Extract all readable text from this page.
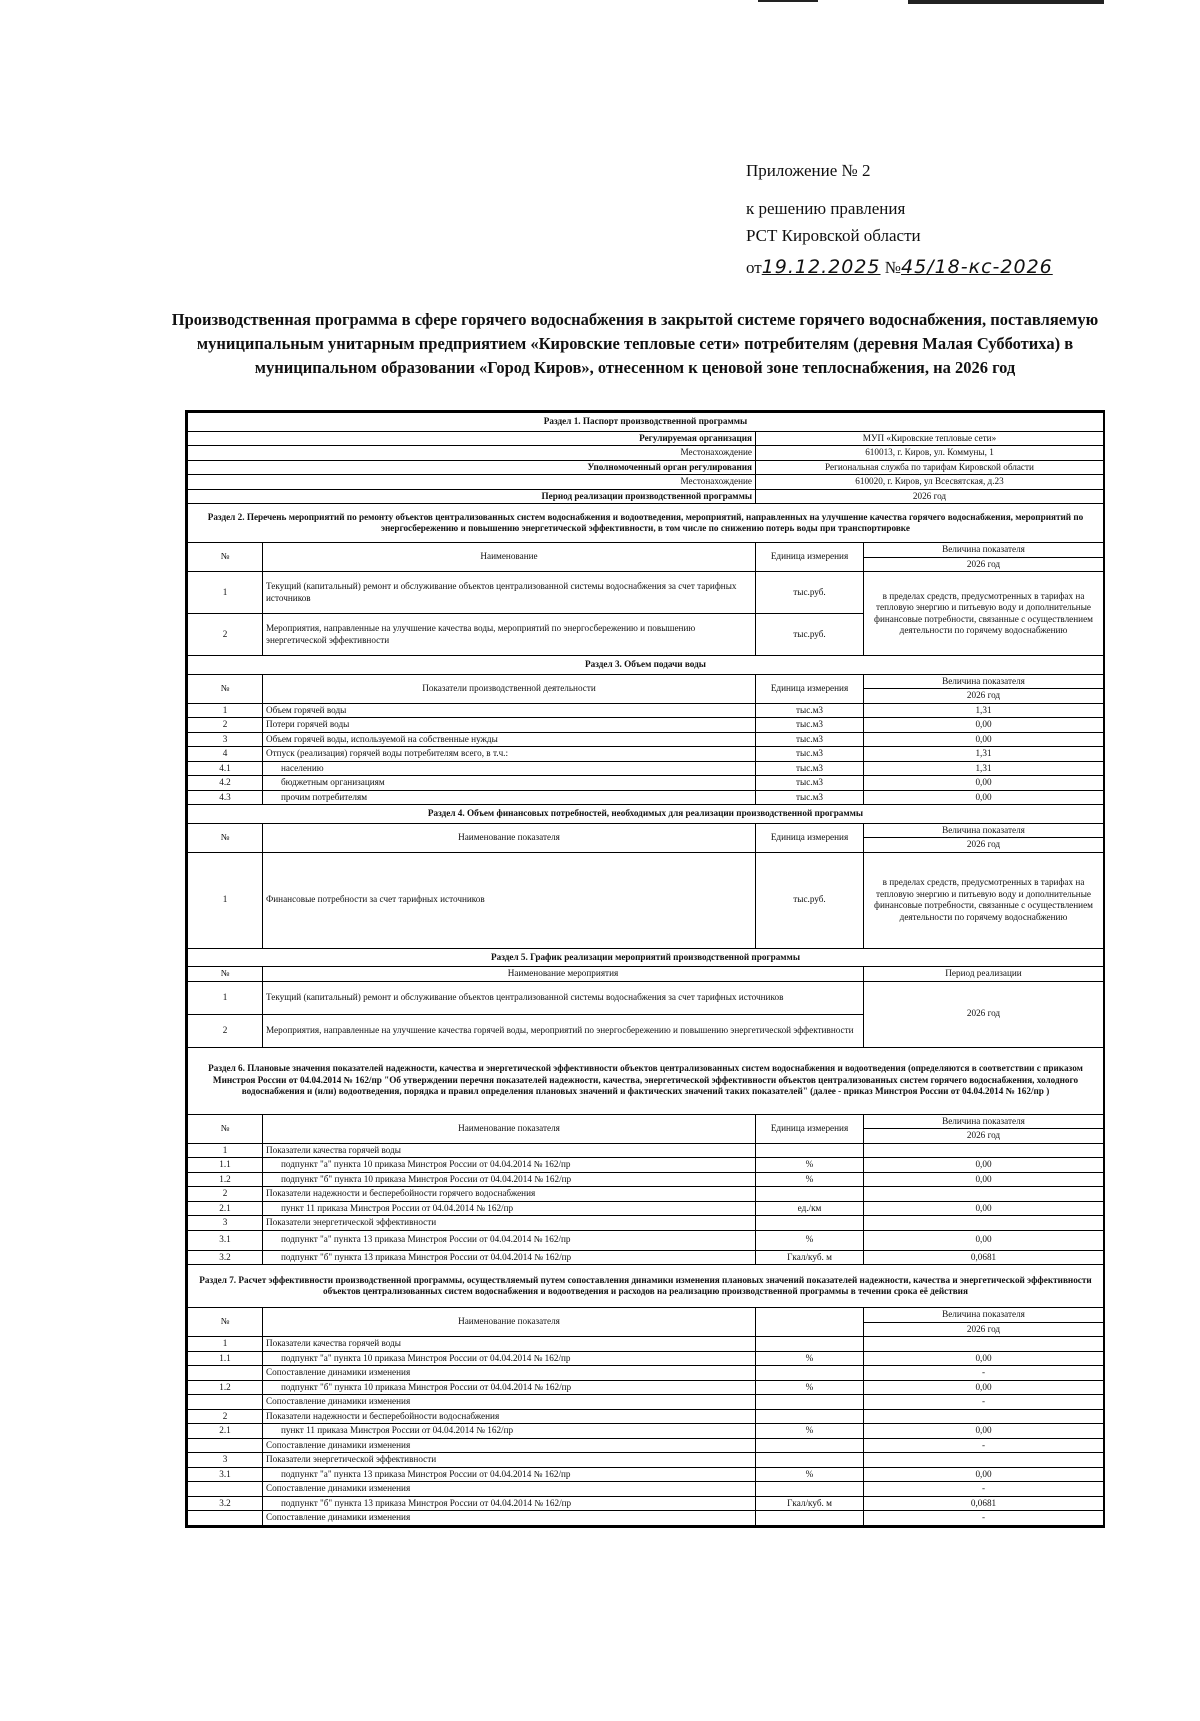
Приложение № 2
к решению правления
РСТ Кировской области
от19.12.2025 №45/18-кс-2026
Производственная программа в сфере горячего водоснабжения в закрытой системе горячего водоснабжения, поставляемую муниципальным унитарным предприятием «Кировские тепловые сети» потребителям (деревня Малая Субботиха) в муниципальном образовании «Город Киров», отнесенном к ценовой зоне теплоснабжения, на 2026 год
Раздел 1. Паспорт производственной программы			
Регулируемая организация		МУП «Кировские тепловые сети»	
Местонахождение		610013, г. Киров, ул. Коммуны, 1	
Уполномоченный орган регулирования		Региональная служба по тарифам Кировской области	
Местонахождение		610020, г. Киров, ул Всесвятская, д.23	
Период реализации производственной программы		2026 год	
Раздел 2. Перечень мероприятий по ремонту объектов централизованных систем водоснабжения и водоотведения, мероприятий, направленных на улучшение качества горячего водоснабжения, мероприятий по энергосбережению и повышению энергетической эффективности, в том числе по снижению потерь воды при транспортировке			
№	Наименование	Единица измерения	Величина показателя
			2026 год
1	Текущий (капитальный) ремонт и обслуживание объектов централизованной системы водоснабжения за счет тарифных источников	тыс.руб.	в пределах средств, предусмотренных в тарифах на тепловую энергию и питьевую воду и дополнительные финансовые потребности, связанные с осуществлением деятельности по горячему водоснабжению
2	Мероприятия, направленные на улучшение качества воды, мероприятий по энергосбережению и повышению энергетической эффективности	тыс.руб.	
Раздел 3. Объем подачи воды			
№	Показатели производственной деятельности	Единица измерения	Величина показателя
			2026 год
1	Объем горячей воды	тыс.м3	1,31
2	Потери горячей воды	тыс.м3	0,00
3	Объем горячей воды, используемой на собственные нужды	тыс.м3	0,00
4	Отпуск (реализация) горячей воды потребителям всего, в т.ч.:	тыс.м3	1,31
4.1	населению	тыс.м3	1,31
4.2	бюджетным организациям	тыс.м3	0,00
4.3	прочим потребителям	тыс.м3	0,00
Раздел 4. Объем финансовых потребностей, необходимых для реализации производственной программы			
№	Наименование показателя	Единица измерения	Величина показателя
			2026 год
1	Финансовые потребности за счет тарифных источников	тыс.руб.	в пределах средств, предусмотренных в тарифах на тепловую энергию и питьевую воду и дополнительные финансовые потребности, связанные с осуществлением деятельности по горячему водоснабжению
Раздел 5. График реализации мероприятий производственной программы			
№	Наименование мероприятия		Период реализации
1	Текущий (капитальный) ремонт и обслуживание объектов централизованной системы водоснабжения за счет тарифных источников		2026 год
2	Мероприятия, направленные на улучшение качества горячей воды, мероприятий по энергосбережению и повышению энергетической эффективности		
Раздел 6. Плановые значения показателей надежности, качества и энергетической эффективности объектов централизованных систем водоснабжения и водоотведения (определяются в соответствии с приказом Минстроя России от 04.04.2014 № 162/пр "Об утверждении перечня показателей надежности, качества, энергетической эффективности объектов централизованных систем горячего водоснабжения, холодного водоснабжения и (или) водоотведения, порядка и правил определения плановых значений и фактических значений таких показателей" (далее - приказ Минстроя России от 04.04.2014 № 162/пр )			
№	Наименование показателя	Единица измерения	Величина показателя
			2026 год
1	Показатели качества горячей воды		
1.1	подпункт "а" пункта 10 приказа Минстроя России от 04.04.2014 № 162/пр	%	0,00
1.2	подпункт "б" пункта 10 приказа Минстроя России от 04.04.2014 № 162/пр	%	0,00
2	Показатели надежности и бесперебойности горячего водоснабжения		
2.1	пункт 11 приказа Минстроя России от 04.04.2014 № 162/пр	ед./км	0,00
3	Показатели энергетической эффективности		
3.1	подпункт "а" пункта 13 приказа Минстроя России от 04.04.2014 № 162/пр	%	0,00
3.2	подпункт "б" пункта 13 приказа Минстроя России от 04.04.2014 № 162/пр	Гкал/куб. м	0,0681
Раздел 7. Расчет эффективности производственной программы, осуществляемый путем сопоставления динамики изменения плановых значений показателей надежности, качества и энергетической эффективности объектов централизованных систем водоснабжения и водоотведения и расходов на реализацию производственной программы в течении срока её действия			
№	Наименование показателя		Величина показателя
			2026 год
1	Показатели качества горячей воды		
1.1	подпункт "а" пункта 10 приказа Минстроя России от 04.04.2014 № 162/пр	%	0,00
	Сопоставление динамики изменения		-
1.2	подпункт "б" пункта 10 приказа Минстроя России от 04.04.2014 № 162/пр	%	0,00
	Сопоставление динамики изменения		-
2	Показатели надежности и бесперебойности водоснабжения		
2.1	пункт 11 приказа Минстроя России от 04.04.2014 № 162/пр	%	0,00
	Сопоставление динамики изменения		-
3	Показатели энергетической эффективности		
3.1	подпункт "а" пункта 13 приказа Минстроя России от 04.04.2014 № 162/пр	%	0,00
	Сопоставление динамики изменения		-
3.2	подпункт "б" пункта 13 приказа Минстроя России от 04.04.2014 № 162/пр	Гкал/куб. м	0,0681
	Сопоставление динамики изменения		-
